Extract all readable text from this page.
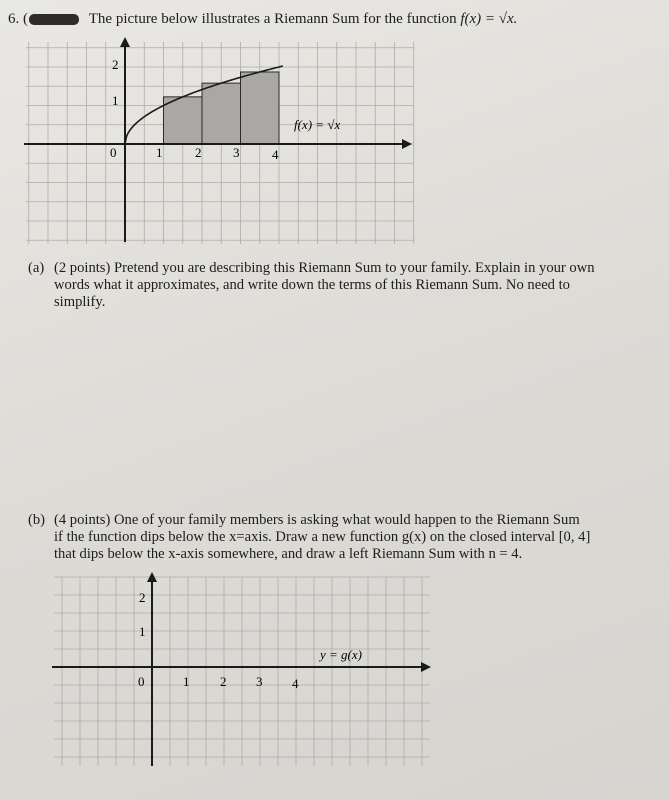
6. (	The picture below illustrates a Riemann Sum for the function f(x) = √x.
2
1
0	1	2 3	4
f(x) = √x
(a) (2 points) Pretend you are describing this Riemann Sum to your family. Explain in your own
words what it approximates, and write down the terms of this Riemann Sum. No need to
simplify.
(b) (4 points) One of your family members is asking what would happen to the Riemann Sum
if the function dips below the x=axis. Draw a new function g(x) on the closed interval [0, 4]
that dips below the x-axis somewhere, and draw a left Riemann Sum with n = 4.
2
1
0	1 2 3 4
y = g(x)
